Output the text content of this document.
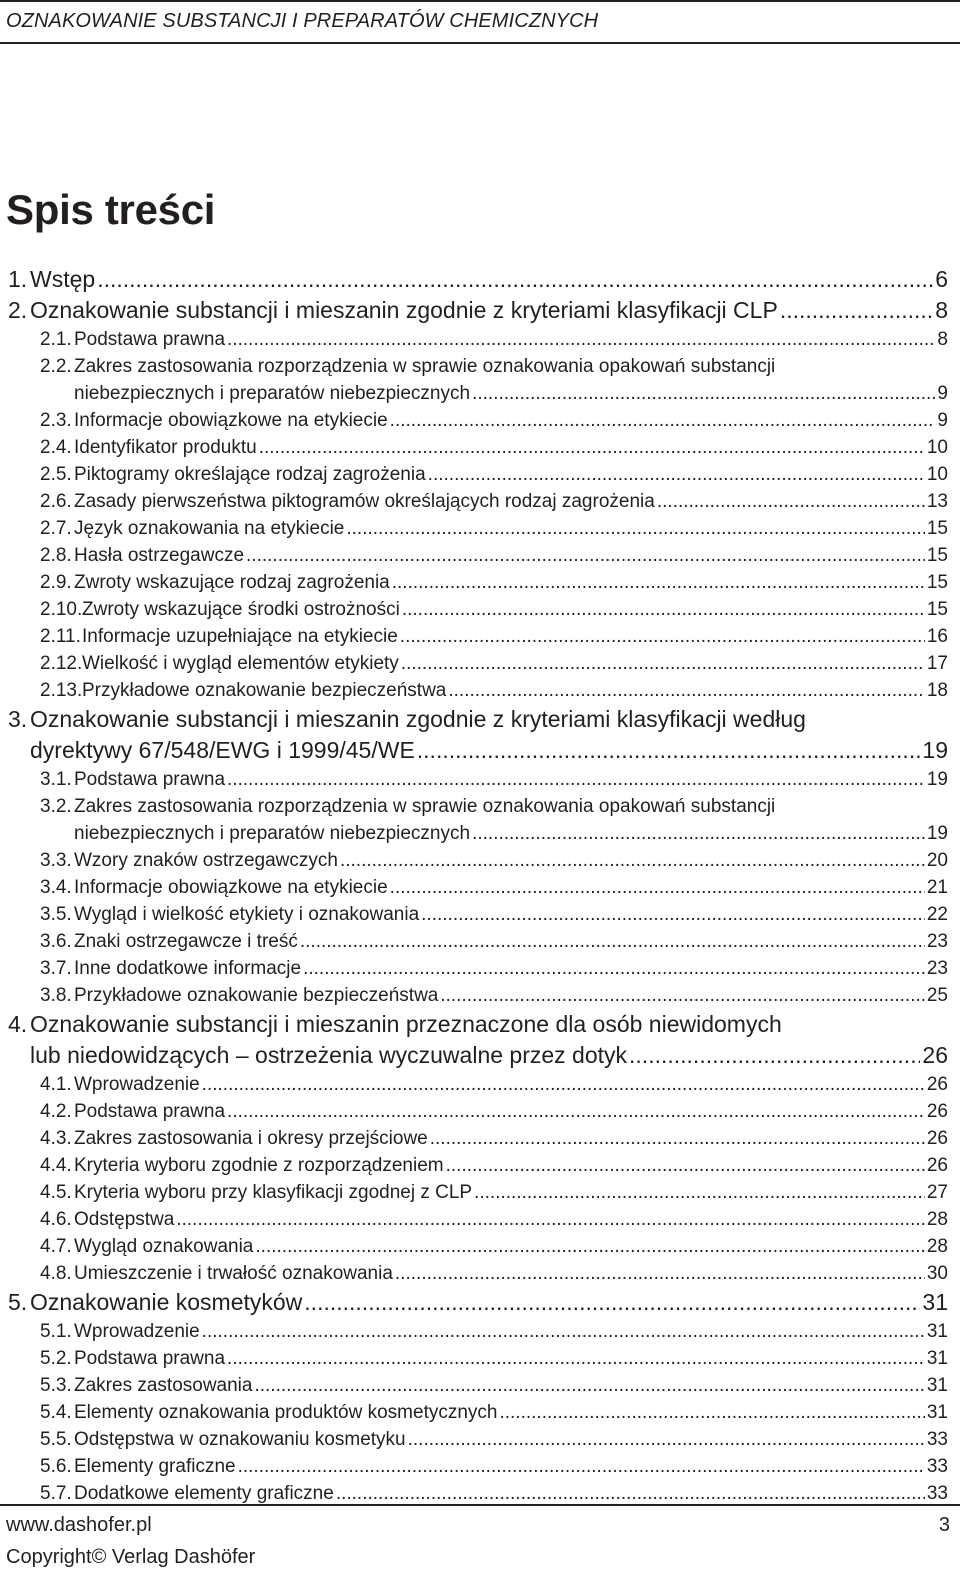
OZNAKOWANIE SUBSTANCJI I PREPARATÓW CHEMICZNYCH
Spis treści
1. Wstęp .....	6
2. Oznakowanie substancji i mieszanin zgodnie z kryteriami klasyfikacji CLP .....	8
2.1. Podstawa prawna .....	8
2.2. Zakres zastosowania rozporządzenia w sprawie oznakowania opakowań substancji
niebezpiecznych i preparatów niebezpiecznych .....	9
2.3. Informacje obowiązkowe na etykiecie .....	9
2.4. Identyfikator produktu .....	10
2.5. Piktogramy określające rodzaj zagrożenia .....	10
2.6. Zasady pierwszeństwa piktogramów określających rodzaj zagrożenia .....	13
2.7. Język oznakowania na etykiecie .....	15
2.8. Hasła ostrzegawcze .....	15
2.9. Zwroty wskazujące rodzaj zagrożenia .....	15
2.10. Zwroty wskazujące środki ostrożności .....	15
2.11. Informacje uzupełniające na etykiecie .....	16
2.12. Wielkość i wygląd elementów etykiety .....	17
2.13. Przykładowe oznakowanie bezpieczeństwa .....	18
3. Oznakowanie substancji i mieszanin zgodnie z kryteriami klasyfikacji według
dyrektywy 67/548/EWG i 1999/45/WE .....	19
3.1. Podstawa prawna .....	19
3.2. Zakres zastosowania rozporządzenia w sprawie oznakowania opakowań substancji
niebezpiecznych i preparatów niebezpiecznych .....	19
3.3. Wzory znaków ostrzegawczych .....	20
3.4. Informacje obowiązkowe na etykiecie .....	21
3.5. Wygląd i wielkość etykiety i oznakowania .....	22
3.6. Znaki ostrzegawcze i treść .....	23
3.7. Inne dodatkowe informacje .....	23
3.8. Przykładowe oznakowanie bezpieczeństwa .....	25
4. Oznakowanie substancji i mieszanin przeznaczone dla osób niewidomych
lub niedowidzących – ostrzeżenia wyczuwalne przez dotyk .....	26
4.1. Wprowadzenie .....	26
4.2. Podstawa prawna .....	26
4.3. Zakres zastosowania i okresy przejściowe .....	26
4.4. Kryteria wyboru zgodnie z rozporządzeniem .....	26
4.5. Kryteria wyboru przy klasyfikacji zgodnej z CLP .....	27
4.6. Odstępstwa .....	28
4.7. Wygląd oznakowania .....	28
4.8. Umieszczenie i trwałość oznakowania .....	30
5. Oznakowanie kosmetyków .....	31
5.1. Wprowadzenie .....	31
5.2. Podstawa prawna .....	31
5.3. Zakres zastosowania .....	31
5.4. Elementy oznakowania produktów kosmetycznych .....	31
5.5. Odstępstwa w oznakowaniu kosmetyku .....	33
5.6. Elementy graficzne .....	33
5.7. Dodatkowe elementy graficzne .....	33
www.dashofer.pl
Copyright© Verlag Dashöfer
3
